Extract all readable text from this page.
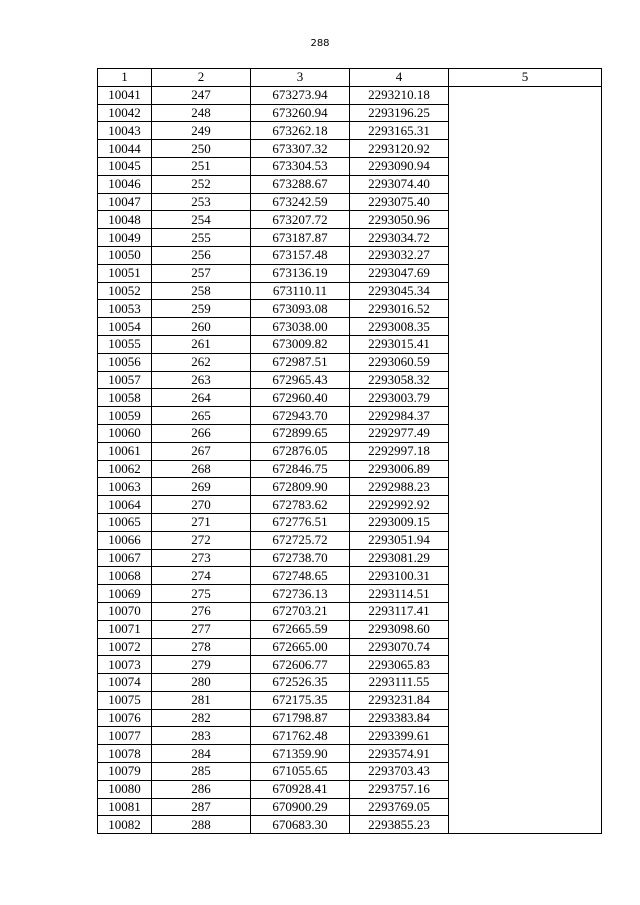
288
1	2	3	4	5
10041	247	673273.94	2293210.18	
10042	248	673260.94	2293196.25	
10043	249	673262.18	2293165.31	
10044	250	673307.32	2293120.92	
10045	251	673304.53	2293090.94	
10046	252	673288.67	2293074.40	
10047	253	673242.59	2293075.40	
10048	254	673207.72	2293050.96	
10049	255	673187.87	2293034.72	
10050	256	673157.48	2293032.27	
10051	257	673136.19	2293047.69	
10052	258	673110.11	2293045.34	
10053	259	673093.08	2293016.52	
10054	260	673038.00	2293008.35	
10055	261	673009.82	2293015.41	
10056	262	672987.51	2293060.59	
10057	263	672965.43	2293058.32	
10058	264	672960.40	2293003.79	
10059	265	672943.70	2292984.37	
10060	266	672899.65	2292977.49	
10061	267	672876.05	2292997.18	
10062	268	672846.75	2293006.89	
10063	269	672809.90	2292988.23	
10064	270	672783.62	2292992.92	
10065	271	672776.51	2293009.15	
10066	272	672725.72	2293051.94	
10067	273	672738.70	2293081.29	
10068	274	672748.65	2293100.31	
10069	275	672736.13	2293114.51	
10070	276	672703.21	2293117.41	
10071	277	672665.59	2293098.60	
10072	278	672665.00	2293070.74	
10073	279	672606.77	2293065.83	
10074	280	672526.35	2293111.55	
10075	281	672175.35	2293231.84	
10076	282	671798.87	2293383.84	
10077	283	671762.48	2293399.61	
10078	284	671359.90	2293574.91	
10079	285	671055.65	2293703.43	
10080	286	670928.41	2293757.16	
10081	287	670900.29	2293769.05	
10082	288	670683.30	2293855.23	
